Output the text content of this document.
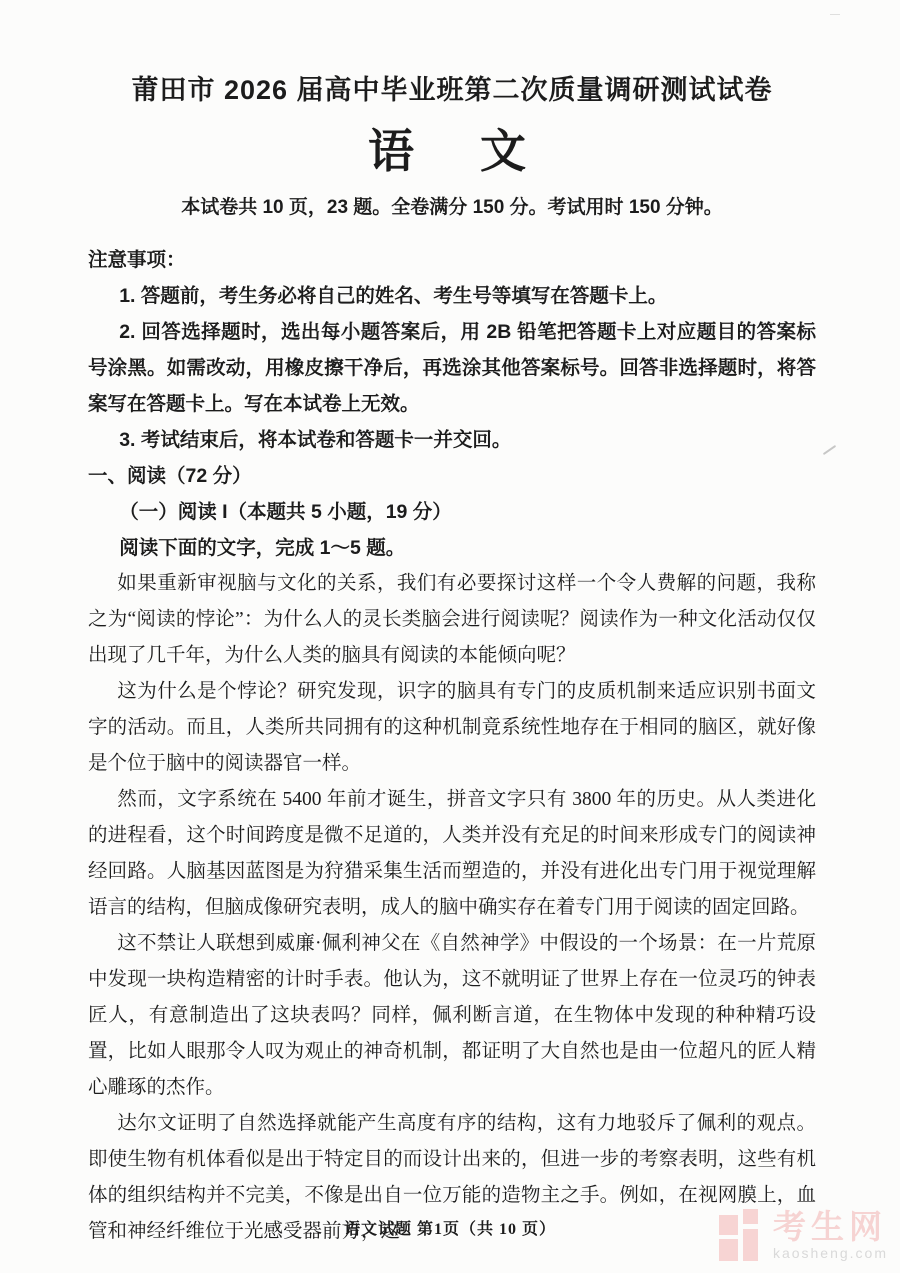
莆田市 2026 届高中毕业班第二次质量调研测试试卷
语　文
本试卷共 10 页，23 题。全卷满分 150 分。考试用时 150 分钟。

注意事项：

1. 答题前，考生务必将自己的姓名、考生号等填写在答题卡上。

2. 回答选择题时，选出每小题答案后，用 2B 铅笔把答题卡上对应题目的答案标号涂黑。如需改动，用橡皮擦干净后，再选涂其他答案标号。回答非选择题时，将答案写在答题卡上。写在本试卷上无效。

3. 考试结束后，将本试卷和答题卡一并交回。

一、阅读（72 分）

（一）阅读 I（本题共 5 小题，19 分）

阅读下面的文字，完成 1～5 题。

如果重新审视脑与文化的关系，我们有必要探讨这样一个令人费解的问题，我称之为“阅读的悖论”：为什么人的灵长类脑会进行阅读呢？阅读作为一种文化活动仅仅出现了几千年，为什么人类的脑具有阅读的本能倾向呢？

这为什么是个悖论？研究发现，识字的脑具有专门的皮质机制来适应识别书面文字的活动。而且，人类所共同拥有的这种机制竟系统性地存在于相同的脑区，就好像是个位于脑中的阅读器官一样。

然而，文字系统在 5400 年前才诞生，拼音文字只有 3800 年的历史。从人类进化的进程看，这个时间跨度是微不足道的，人类并没有充足的时间来形成专门的阅读神经回路。人脑基因蓝图是为狩猎采集生活而塑造的，并没有进化出专门用于视觉理解语言的结构，但脑成像研究表明，成人的脑中确实存在着专门用于阅读的固定回路。

这不禁让人联想到威廉·佩利神父在《自然神学》中假设的一个场景：在一片荒原中发现一块构造精密的计时手表。他认为，这不就明证了世界上存在一位灵巧的钟表匠人，有意制造出了这块表吗？同样，佩利断言道，在生物体中发现的种种精巧设置，比如人眼那令人叹为观止的神奇机制，都证明了大自然也是由一位超凡的匠人精心雕琢的杰作。

达尔文证明了自然选择就能产生高度有序的结构，这有力地驳斥了佩利的观点。即使生物有机体看似是出于特定目的而设计出来的，但进一步的考察表明，这些有机体的组织结构并不完美，不像是出自一位万能的造物主之手。例如，在视网膜上，血管和神经纤维位于光感受器前方，这

语文试题 第1页（共 10 页）	考生网
kaosheng.com
